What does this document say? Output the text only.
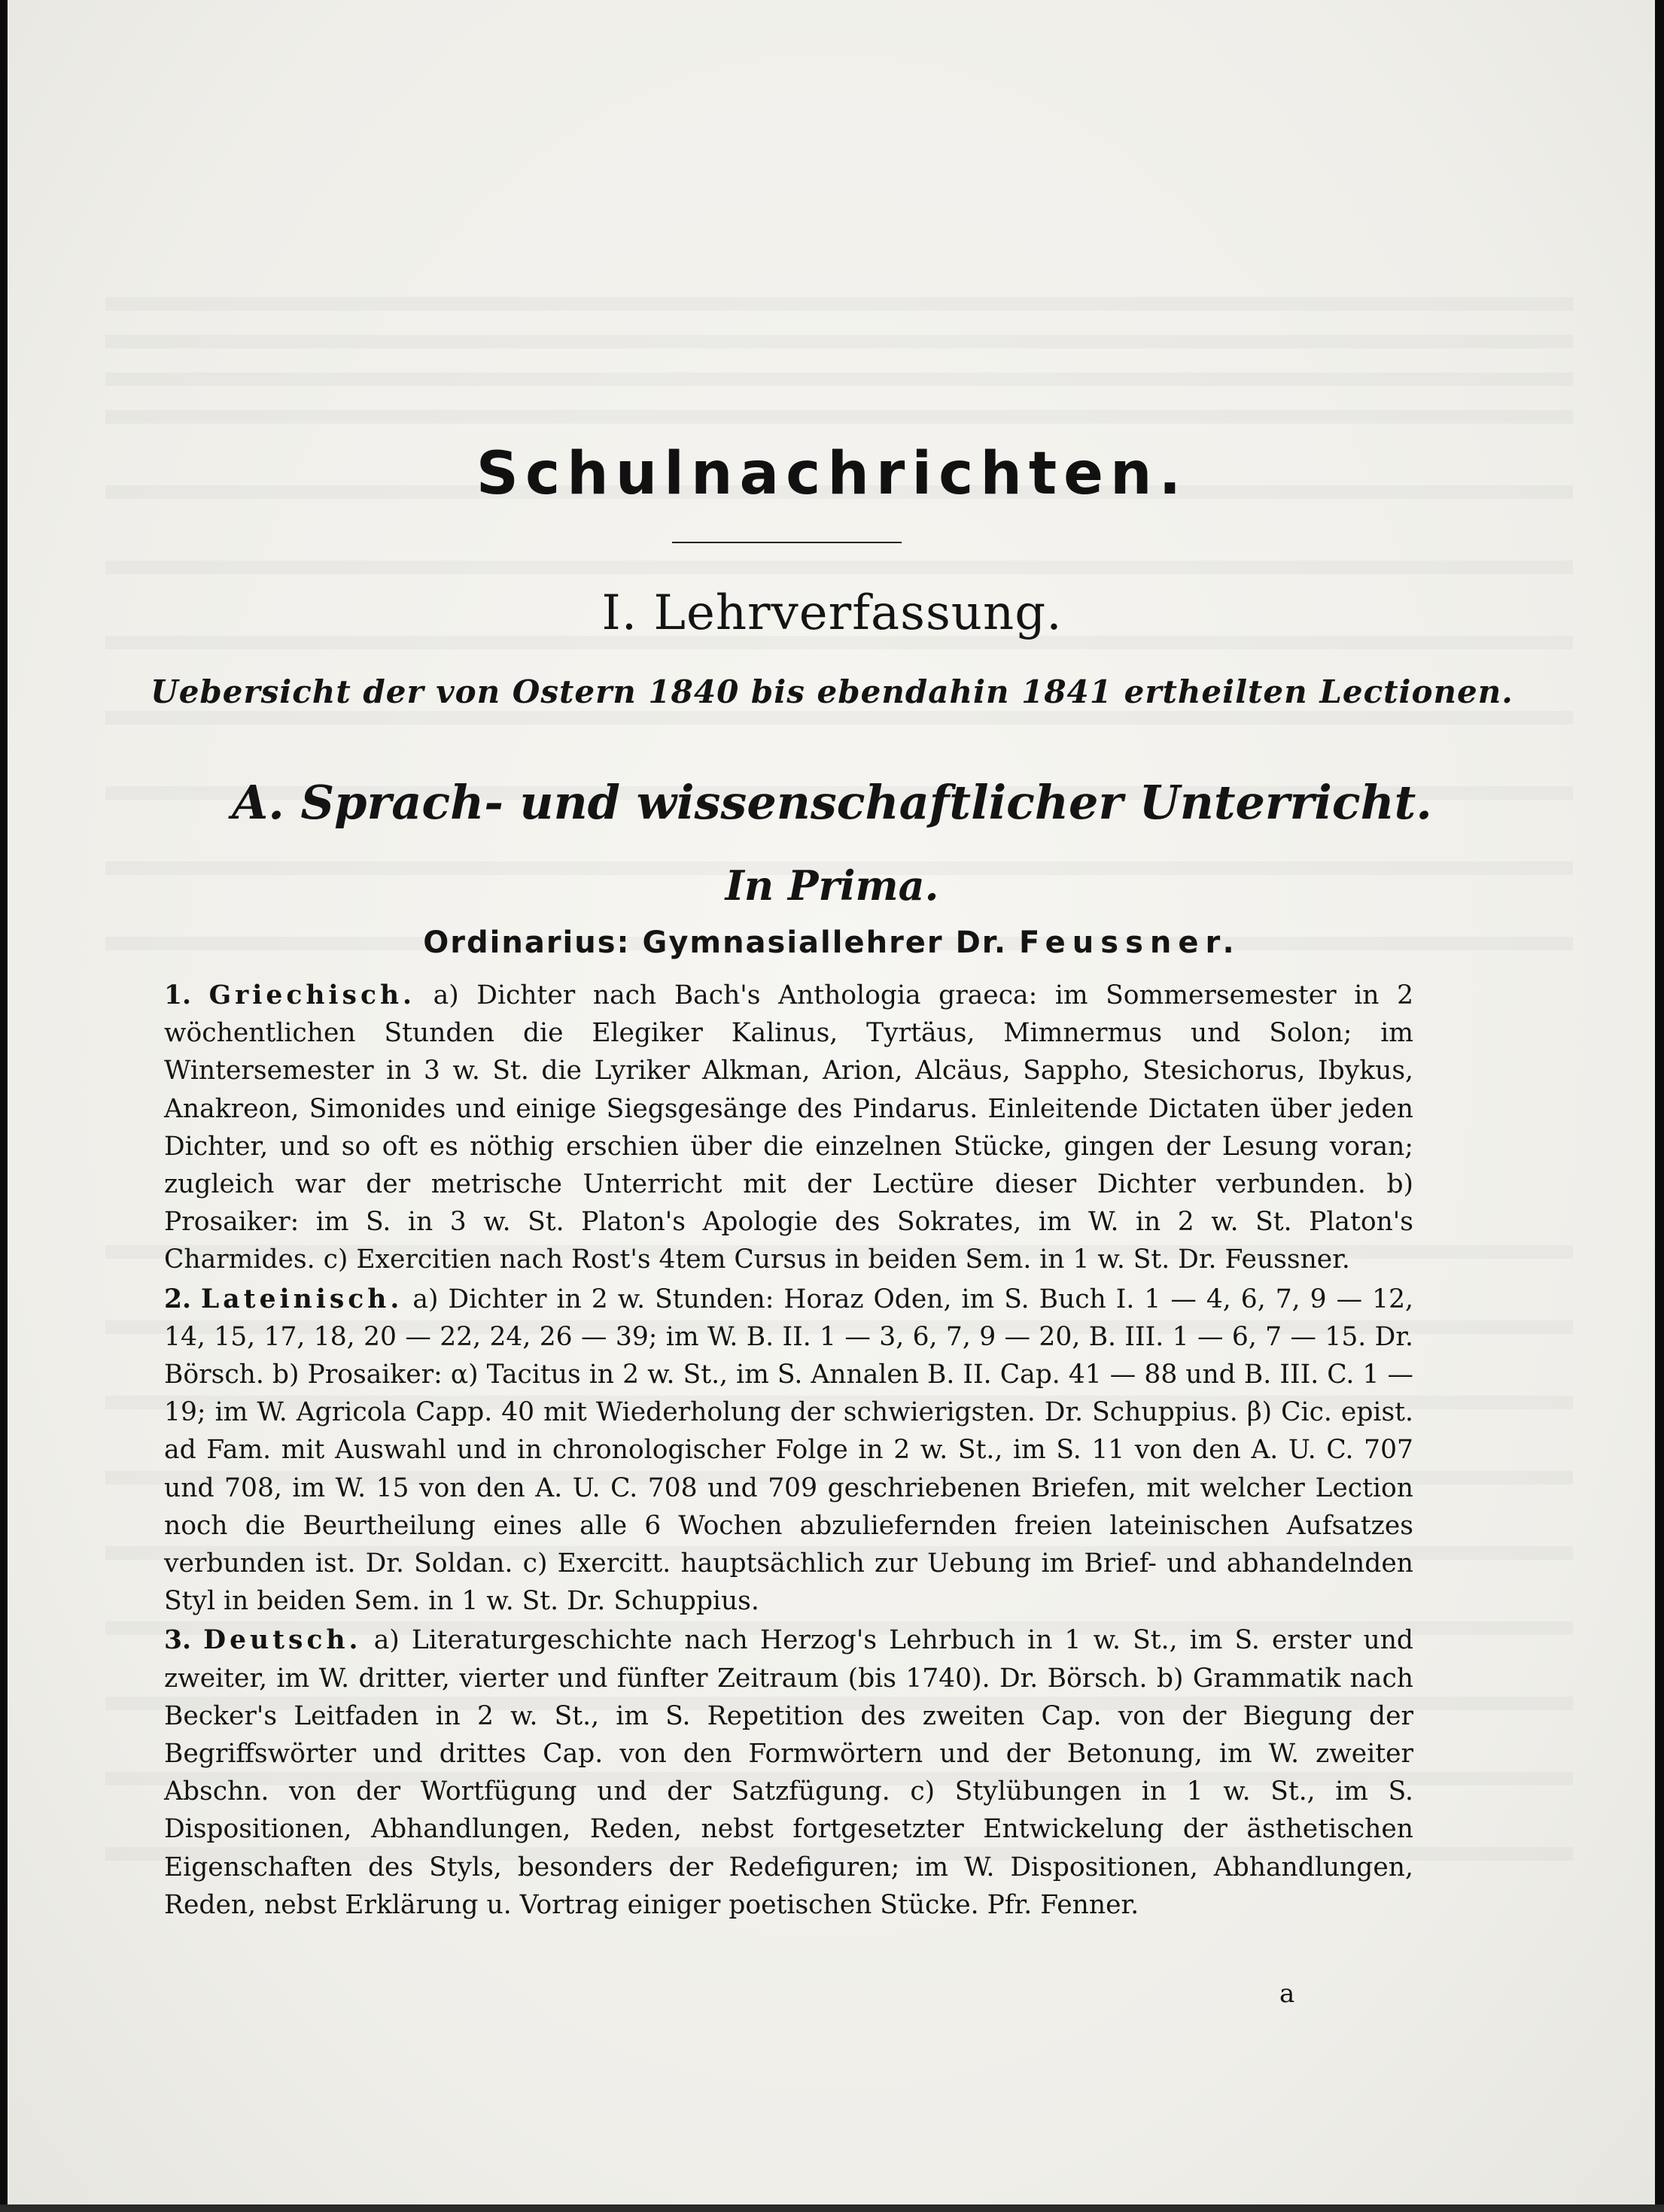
Schulnachrichten.
I. Lehrverfassung.
Uebersicht der von Ostern 1840 bis ebendahin 1841 ertheilten Lectionen.
A. Sprach- und wissenschaftlicher Unterricht.
In Prima.
Ordinarius: Gymnasiallehrer Dr. Feussner.

1. Griechisch. a) Dichter nach Bach's Anthologia graeca: im Sommersemester in 2 wöchentlichen Stunden die Elegiker Kalinus, Tyrtäus, Mimnermus und Solon; im Wintersemester in 3 w. St. die Lyriker Alkman, Arion, Alcäus, Sappho, Stesichorus, Ibykus, Anakreon, Simonides und einige Siegsgesänge des Pindarus. Einleitende Dictaten über jeden Dichter, und so oft es nöthig erschien über die einzelnen Stücke, gingen der Lesung voran; zugleich war der metrische Unterricht mit der Lectüre dieser Dichter verbunden. b) Prosaiker: im S. in 3 w. St. Platon's Apologie des Sokrates, im W. in 2 w. St. Platon's Charmides. c) Exercitien nach Rost's 4tem Cursus in beiden Sem. in 1 w. St. Dr. Feussner.

2. Lateinisch. a) Dichter in 2 w. Stunden: Horaz Oden, im S. Buch I. 1 — 4, 6, 7, 9 — 12, 14, 15, 17, 18, 20 — 22, 24, 26 — 39; im W. B. II. 1 — 3, 6, 7, 9 — 20, B. III. 1 — 6, 7 — 15. Dr. Börsch. b) Prosaiker: α) Tacitus in 2 w. St., im S. Annalen B. II. Cap. 41 — 88 und B. III. C. 1 — 19; im W. Agricola Capp. 40 mit Wiederholung der schwierigsten. Dr. Schuppius. β) Cic. epist. ad Fam. mit Auswahl und in chronologischer Folge in 2 w. St., im S. 11 von den A. U. C. 707 und 708, im W. 15 von den A. U. C. 708 und 709 geschriebenen Briefen, mit welcher Lection noch die Beurtheilung eines alle 6 Wochen abzuliefernden freien lateinischen Aufsatzes verbunden ist. Dr. Soldan. c) Exercitt. hauptsächlich zur Uebung im Brief- und abhandelnden Styl in beiden Sem. in 1 w. St. Dr. Schuppius.

3. Deutsch. a) Literaturgeschichte nach Herzog's Lehrbuch in 1 w. St., im S. erster und zweiter, im W. dritter, vierter und fünfter Zeitraum (bis 1740). Dr. Börsch. b) Grammatik nach Becker's Leitfaden in 2 w. St., im S. Repetition des zweiten Cap. von der Biegung der Begriffswörter und drittes Cap. von den Formwörtern und der Betonung, im W. zweiter Abschn. von der Wortfügung und der Satzfügung. c) Stylübungen in 1 w. St., im S. Dispositionen, Abhandlungen, Reden, nebst fortgesetzter Entwickelung der ästhetischen Eigenschaften des Styls, besonders der Redefiguren; im W. Dispositionen, Abhandlungen, Reden, nebst Erklärung u. Vortrag einiger poetischen Stücke. Pfr. Fenner.

a
